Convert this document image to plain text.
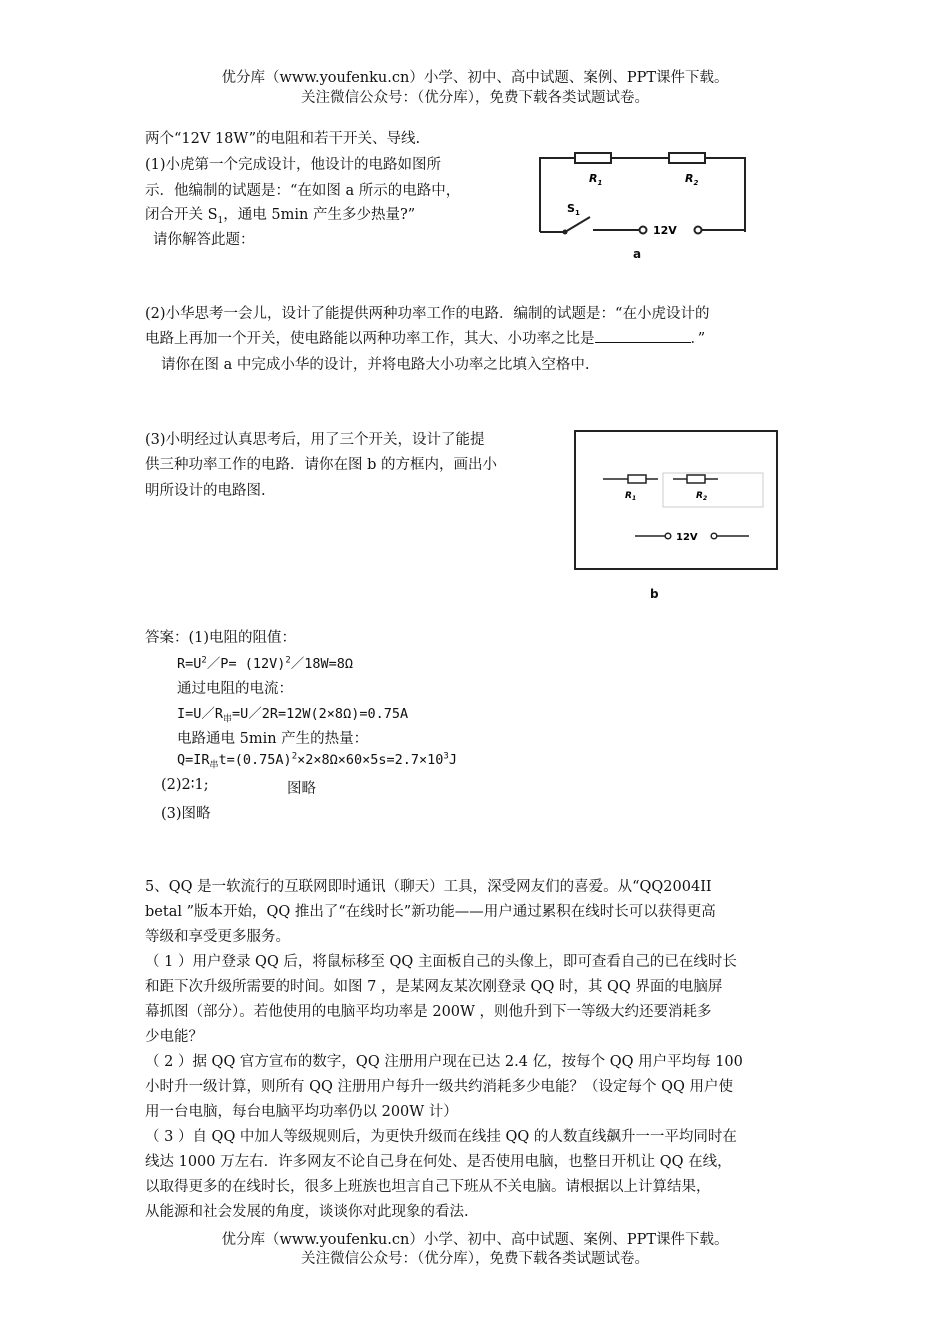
优分库（www.youfenku.cn）小学、初中、高中试题、案例、PPT课件下载。
关注微信公众号：（优分库），免费下载各类试题试卷。
两个“12V 18W”的电阻和若干开关、导线.
(1)小虎第一个完成设计，他设计的电路如图所
示．他编制的试题是：“在如图 a 所示的电路中，
闭合开关 $S_1$，通电 5min 产生多少热量?”
请你解答此题：
$R_1$	$R_2$
$S_1$
12V
a
(2)小华思考一会儿，设计了能提供两种功率工作的电路．编制的试题是：“在小虎设计的
电路上再加一个开关，使电路能以两种功率工作，其大、小功率之比是	．”
请你在图 a 中完成小华的设计，并将电路大小功率之比填入空格中.
(3)小明经过认真思考后，用了三个开关，设计了能提
供三种功率工作的电路．请你在图 b 的方框内，画出小
明所设计的电路图.	$R_1$	$R_2$
12V
b
答案：(1)电阻的阻值：
$R=U^2/P=$ $(12V)^2/18W=8\Omega$
通过电阻的电流：
$I=U/R_串=U/2R=12W(2\times 8\Omega)=0.75A$
电路通电 5min 产生的热量：
$Q=IR_串t=(0.75A)^2\times 2\times 8\Omega\times 60\times 5s=2.7\times 10^3J$
(2)2∶1;	图略
(3)图略
5、QQ 是一软流行的互联网即时通讯（聊天）工具，深受网友们的喜爱。从“QQ2004II
betal ”版本开始，QQ 推出了“在线时长”新功能——用户通过累积在线时长可以获得更高
等级和享受更多服务。
（ 1 ）用户登录 QQ 后，将鼠标移至 QQ 主面板自己的头像上，即可查看自己的已在线时长
和距下次升级所需要的时间。如图 7 ，是某网友某次刚登录 QQ 时，其 QQ 界面的电脑屏
幕抓图（部分）。若他使用的电脑平均功率是 200W ，则他升到下一等级大约还要消耗多
少电能？
（ 2 ）据 QQ 官方宣布的数字，QQ 注册用户现在已达 2.4 亿，按每个 QQ 用户平均每 100
小时升一级计算，则所有 QQ 注册用户每升一级共约消耗多少电能？（设定每个 QQ 用户使
用一台电脑，每台电脑平均功率仍以 200W 计）
（ 3 ）自 QQ 中加人等级规则后，为更快升级而在线挂 QQ 的人数直线飙升一一平均同时在
线达 1000 万左右．许多网友不论自己身在何处、是否使用电脑，也整日开机让 QQ 在线，
以取得更多的在线时长，很多上班族也坦言自己下班从不关电脑。请根据以上计算结果，
从能源和社会发展的角度，谈谈你对此现象的看法.
优分库（www.youfenku.cn）小学、初中、高中试题、案例、PPT课件下载。
关注微信公众号：（优分库），免费下载各类试题试卷。
